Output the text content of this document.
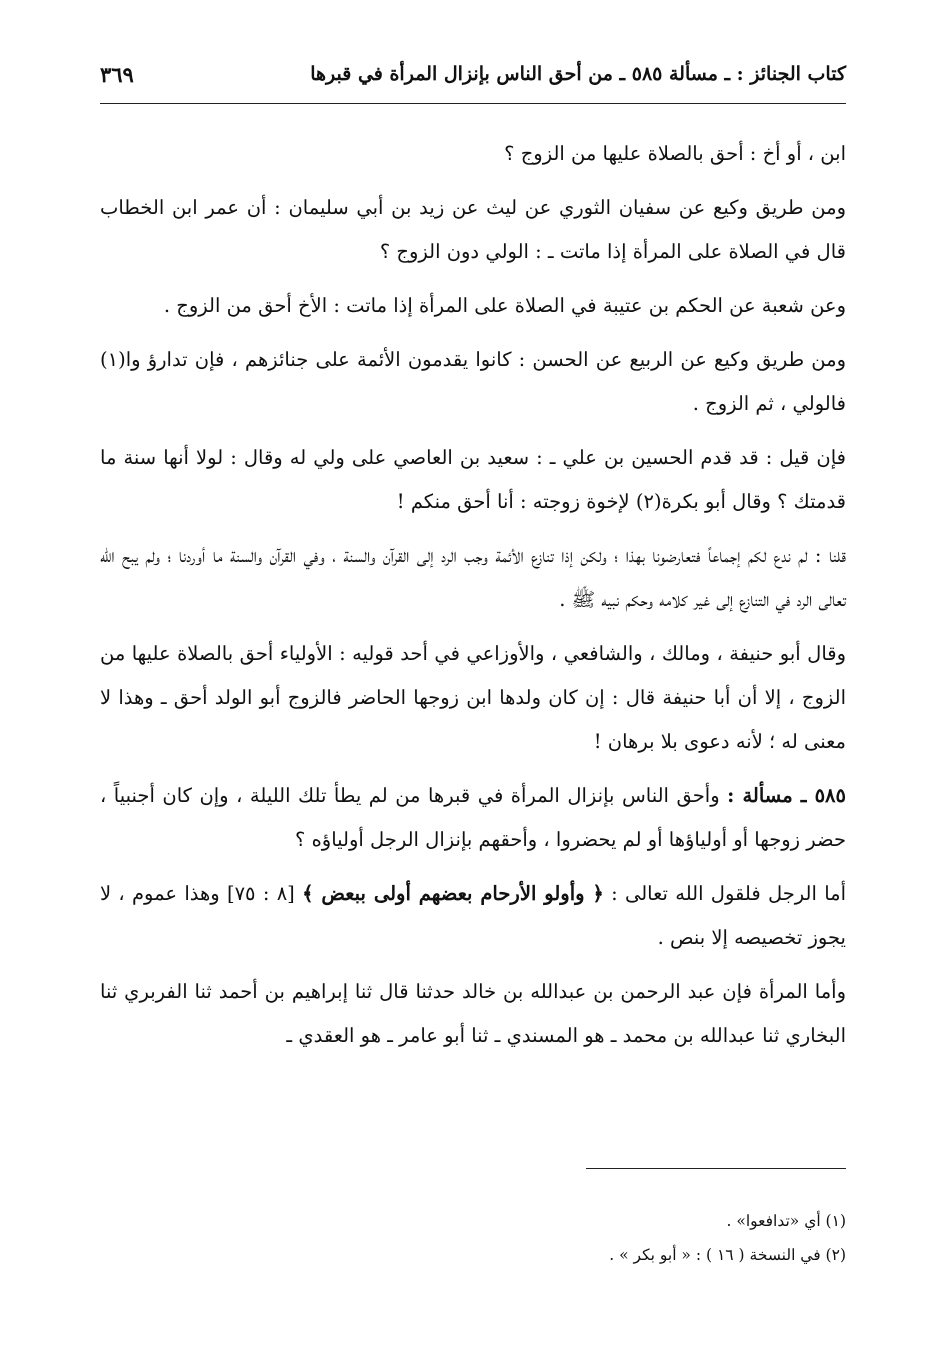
كتاب الجنائز : ـ مسألة ٥٨٥ ـ من أحق الناس بإنزال المرأة في قبرها
٣٦٩

ابن ، أو أخ : أحق بالصلاة عليها من الزوج ؟

ومن طريق وكيع عن سفيان الثوري عن ليث عن زيد بن أبي سليمان : أن عمر ابن الخطاب قال في الصلاة على المرأة إذا ماتت ـ : الولي دون الزوج ؟

وعن شعبة عن الحكم بن عتيبة في الصلاة على المرأة إذا ماتت : الأخ أحق من الزوج .

ومن طريق وكيع عن الربيع عن الحسن : كانوا يقدمون الأئمة على جنائزهم ، فإن تدارؤ وا(١) فالولي ، ثم الزوج .

فإن قيل : قد قدم الحسين بن علي ـ : سعيد بن العاصي على ولي له وقال : لولا أنها سنة ما قدمتك ؟ وقال أبو بكرة(٢) لإخوة زوجته : أنا أحق منكم !

قلنا : لم ندع لكم إجماعاً فتعارضونا بهذا ؛ ولكن إذا تنازع الأئمة وجب الرد إلى القرآن والسنة ، وفي القرآن والسنة ما أوردنا ؛ ولم يبح الله تعالى الرد في التنازع إلى غير كلامه وحكم نبيه ﷺ .

وقال أبو حنيفة ، ومالك ، والشافعي ، والأوزاعي في أحد قوليه : الأولياء أحق بالصلاة عليها من الزوج ، إلا أن أبا حنيفة قال : إن كان ولدها ابن زوجها الحاضر فالزوج أبو الولد أحق ـ وهذا لا معنى له ؛ لأنه دعوى بلا برهان !

٥٨٥ ـ مسألة : وأحق الناس بإنزال المرأة في قبرها من لم يطأ تلك الليلة ، وإن كان أجنبياً ، حضر زوجها أو أولياؤها أو لم يحضروا ، وأحقهم بإنزال الرجل أولياؤه ؟

أما الرجل فلقول الله تعالى : ﴿ وأولو الأرحام بعضهم أولى ببعض ﴾ [٨ : ٧٥] وهذا عموم ، لا يجوز تخصيصه إلا بنص .

وأما المرأة فإن عبد الرحمن بن عبدالله بن خالد حدثنا قال ثنا إبراهيم بن أحمد ثنا الفربري ثنا البخاري ثنا عبدالله بن محمد ـ هو المسندي ـ ثنا أبو عامر ـ هو العقدي ـ

(١) أي «تدافعوا» .

(٢) في النسخة ( ١٦ ) : « أبو بكر » .
